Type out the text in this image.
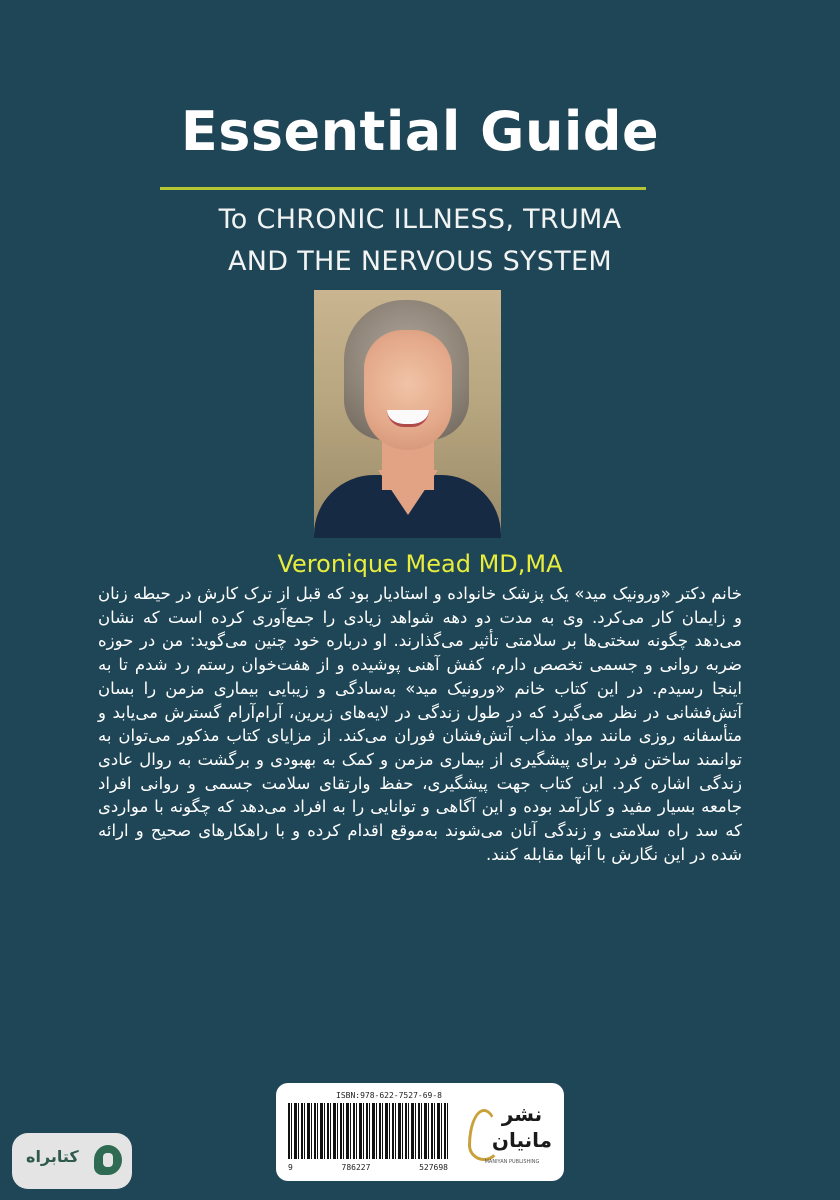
Essential Guide
To CHRONIC ILLNESS, TRUMA
AND THE NERVOUS SYSTEM
Veronique Mead MD,MA
خانم دکتر «ورونیک مید» یک پزشک خانواده و استادیار بود که قبل از ترک کارش در حیطه زنان و زایمان کار می‌کرد. وی به مدت دو دهه شواهد زیادی را جمع‌آوری کرده است که نشان می‌دهد چگونه سختی‌ها بر سلامتی تأثیر می‌گذارند. او درباره خود چنین می‌گوید: من در حوزه ضربه روانی و جسمی تخصص دارم، کفش آهنی پوشیده و از هفت‌خوان رستم رد شدم تا به اینجا رسیدم. در این کتاب خانم «ورونیک مید» به‌سادگی و زیبایی بیماری مزمن را بسان آتش‌فشانی در نظر می‌گیرد که در طول زندگی در لایه‌های زیرین، آرام‌آرام گسترش می‌یابد و متأسفانه روزی مانند مواد مذاب آتش‌فشان فوران می‌کند. از مزایای کتاب مذکور می‌توان به توانمند ساختن فرد برای پیشگیری از بیماری مزمن و کمک به بهبودی و برگشت به روال عادی زندگی اشاره کرد. این کتاب جهت پیشگیری، حفظ وارتقای سلامت جسمی و روانی افراد جامعه بسیار مفید و کارآمد بوده و این آگاهی و توانایی را به افراد می‌دهد که چگونه با مواردی که سد راه سلامتی و زندگی آنان می‌شوند به‌موقع اقدام کرده و با راهکارهای صحیح و ارائه شده در این نگارش با آنها مقابله کنند.
ISBN:978-622-7527-69-8
9	786227	527698
نشر مانیان
MANIYAN PUBLISHING
کتابراه
